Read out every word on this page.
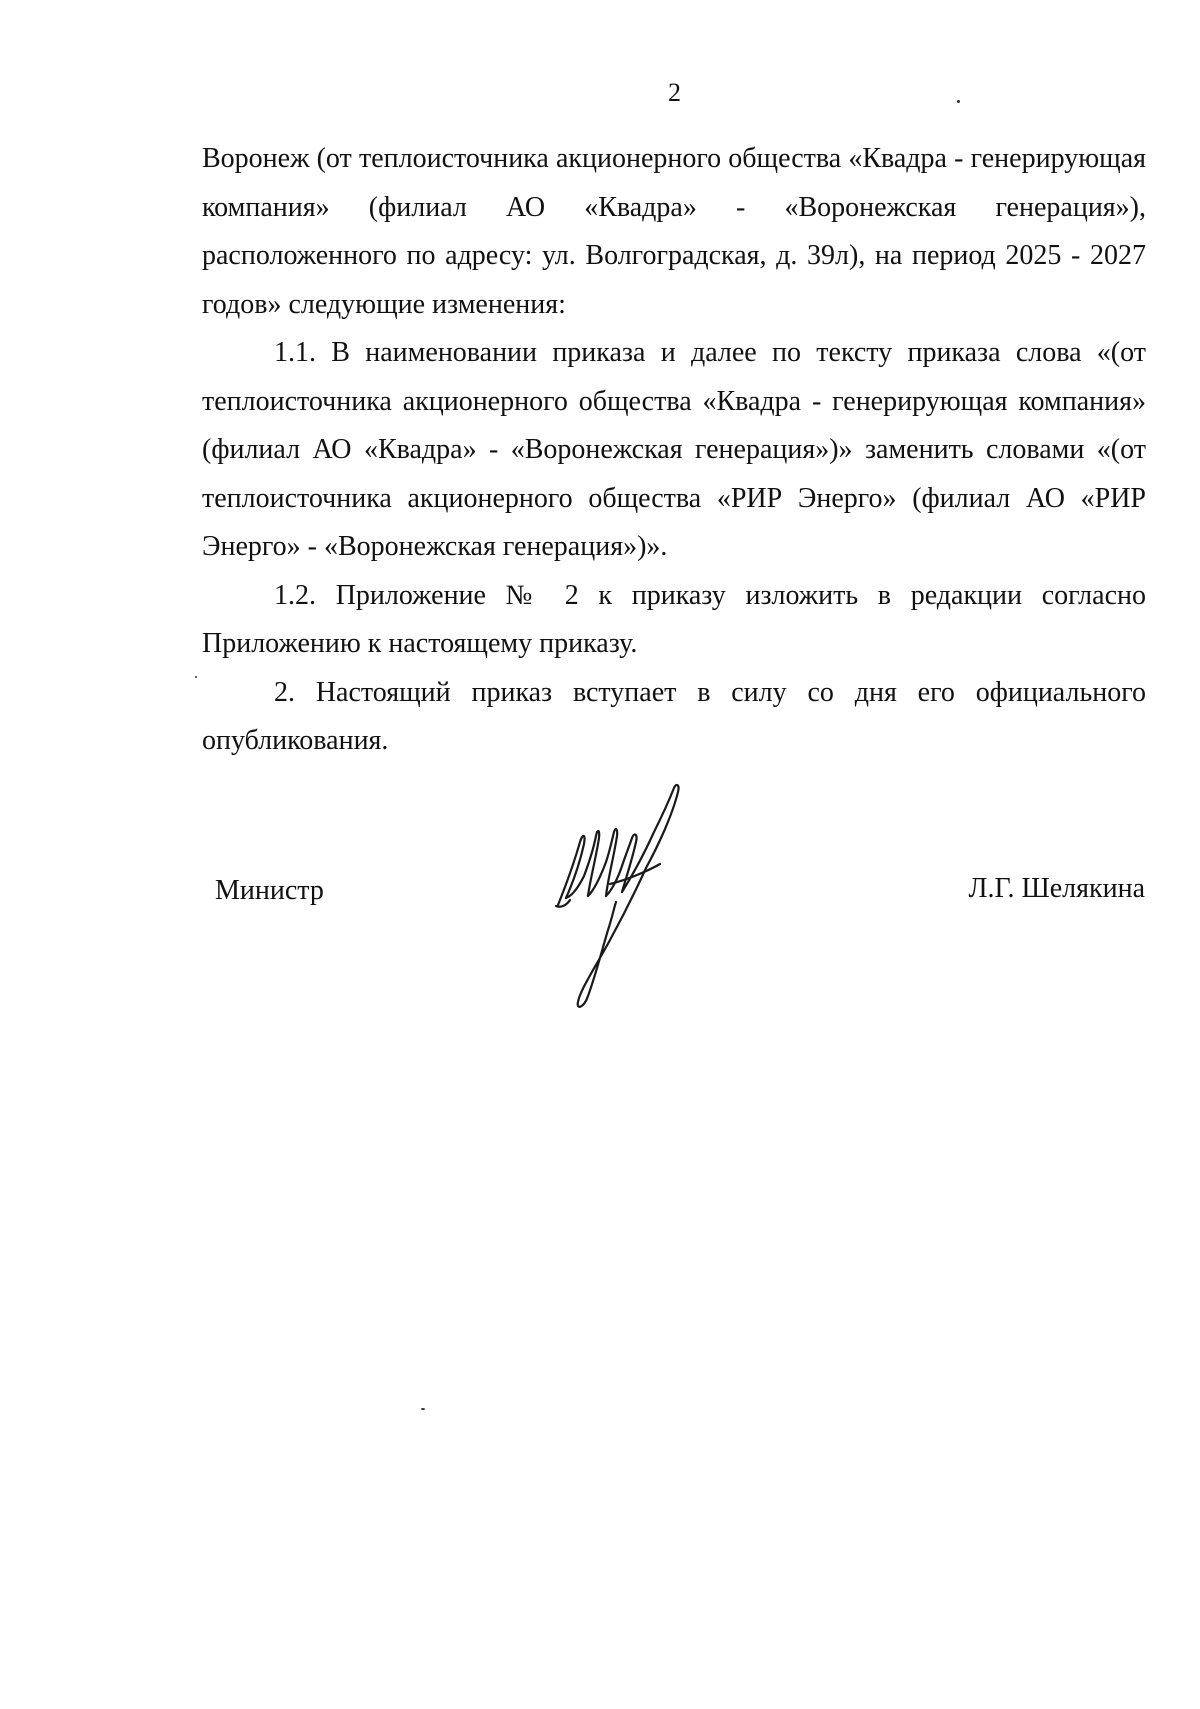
2

Воронеж (от теплоисточника акционерного общества «Квадра - генерирующая
компания» (филиал АО «Квадра» - «Воронежская генерация»),
расположенного по адресу: ул. Волгоградская, д. 39л), на период 2025 - 2027
годов» следующие изменения:

1.1. В наименовании приказа и далее по тексту приказа слова «(от
теплоисточника акционерного общества «Квадра - генерирующая компания»
(филиал АО «Квадра» - «Воронежская генерация»)» заменить словами «(от
теплоисточника акционерного общества «РИР Энерго» (филиал АО «РИР
Энерго» - «Воронежская генерация»)».

1.2. Приложение № 2 к приказу изложить в редакции согласно
Приложению к настоящему приказу.

2. Настоящий приказ вступает в силу со дня его официального
опубликования.

Министр	Л.Г. Шелякина
